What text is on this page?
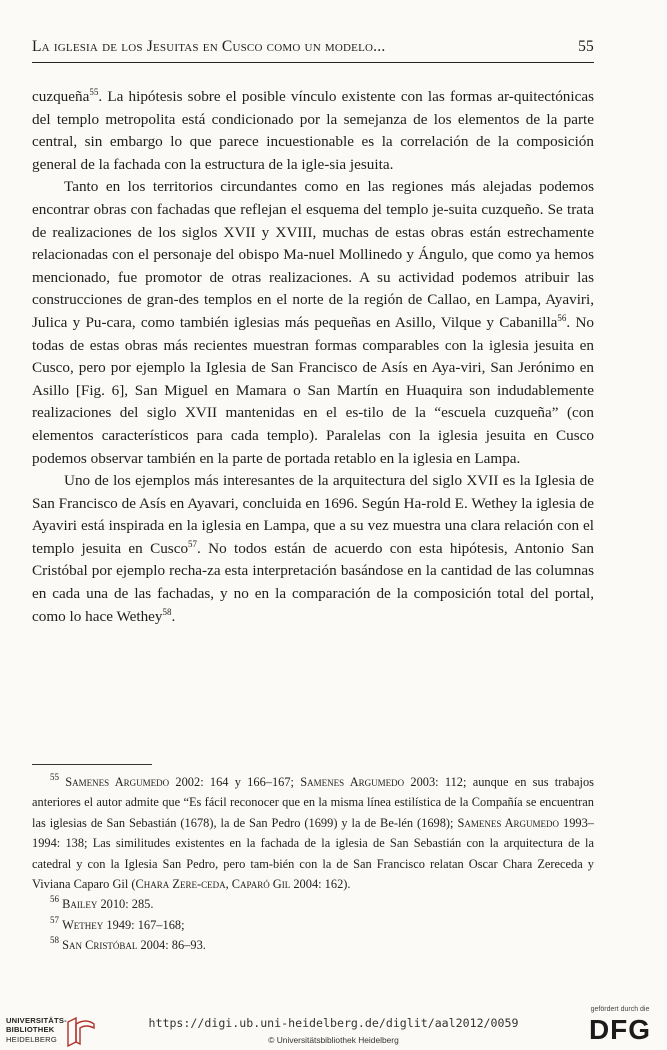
La iglesia de los Jesuitas en Cusco como un modelo...	55

cuzqueña$^{55}$. La hipótesis sobre el posible vínculo existente con las formas ar-quitectónicas del templo metropolita está condicionado por la semejanza de los elementos de la parte central, sin embargo lo que parece incuestionable es la correlación de la composición general de la fachada con la estructura de la igle-sia jesuita.

Tanto en los territorios circundantes como en las regiones más alejadas podemos encontrar obras con fachadas que reflejan el esquema del templo je-suita cuzqueño. Se trata de realizaciones de los siglos XVII y XVIII, muchas de estas obras están estrechamente relacionadas con el personaje del obispo Ma-nuel Mollinedo y Ángulo, que como ya hemos mencionado, fue promotor de otras realizaciones. A su actividad podemos atribuir las construcciones de gran-des templos en el norte de la región de Callao, en Lampa, Ayaviri, Julica y Pu-cara, como también iglesias más pequeñas en Asillo, Vilque y Cabanilla$^{56}$. No todas de estas obras más recientes muestran formas comparables con la iglesia jesuita en Cusco, pero por ejemplo la Iglesia de San Francisco de Asís en Aya-viri, San Jerónimo en Asillo [Fig. 6], San Miguel en Mamara o San Martín en Huaquira son indudablemente realizaciones del siglo XVII mantenidas en el es-tilo de la “escuela cuzqueña” (con elementos característicos para cada templo). Paralelas con la iglesia jesuita en Cusco podemos observar también en la parte de portada retablo en la iglesia en Lampa.

Uno de los ejemplos más interesantes de la arquitectura del siglo XVII es la Iglesia de San Francisco de Asís en Ayavari, concluida en 1696. Según Ha-rold E. Wethey la iglesia de Ayaviri está inspirada en la iglesia en Lampa, que a su vez muestra una clara relación con el templo jesuita en Cusco$^{57}$. No todos están de acuerdo con esta hipótesis, Antonio San Cristóbal por ejemplo recha-za esta interpretación basándose en la cantidad de las columnas en cada una de las fachadas, y no en la comparación de la composición total del portal, como lo hace Wethey$^{58}$.

$^{55}$ Samenes Argumedo 2002: 164 y 166–167; Samenes Argumedo 2003: 112; aunque en sus trabajos anteriores el autor admite que “Es fácil reconocer que en la misma línea estilística de la Compañía se encuentran las iglesias de San Sebastián (1678), la de San Pedro (1699) y la de Be-lén (1698); Samenes Argumedo 1993–1994: 138; Las similitudes existentes en la fachada de la iglesia de San Sebastián con la arquitectura de la catedral y con la Iglesia San Pedro, pero tam-bién con la de San Francisco relatan Oscar Chara Zereceda y Viviana Caparo Gil (Chara Zere-ceda, Caparó Gil 2004: 162).

$^{56}$ Bailey 2010: 285.

$^{57}$ Wethey 1949: 167–168;

$^{58}$ San Cristóbal 2004: 86–93.

UNIVERSITÄTS-
BIBLIOTHEK
HEIDELBERG
https://digi.ub.uni-heidelberg.de/diglit/aal2012/0059
© Universitätsbibliothek Heidelberg
gefördert durch die
DFG
